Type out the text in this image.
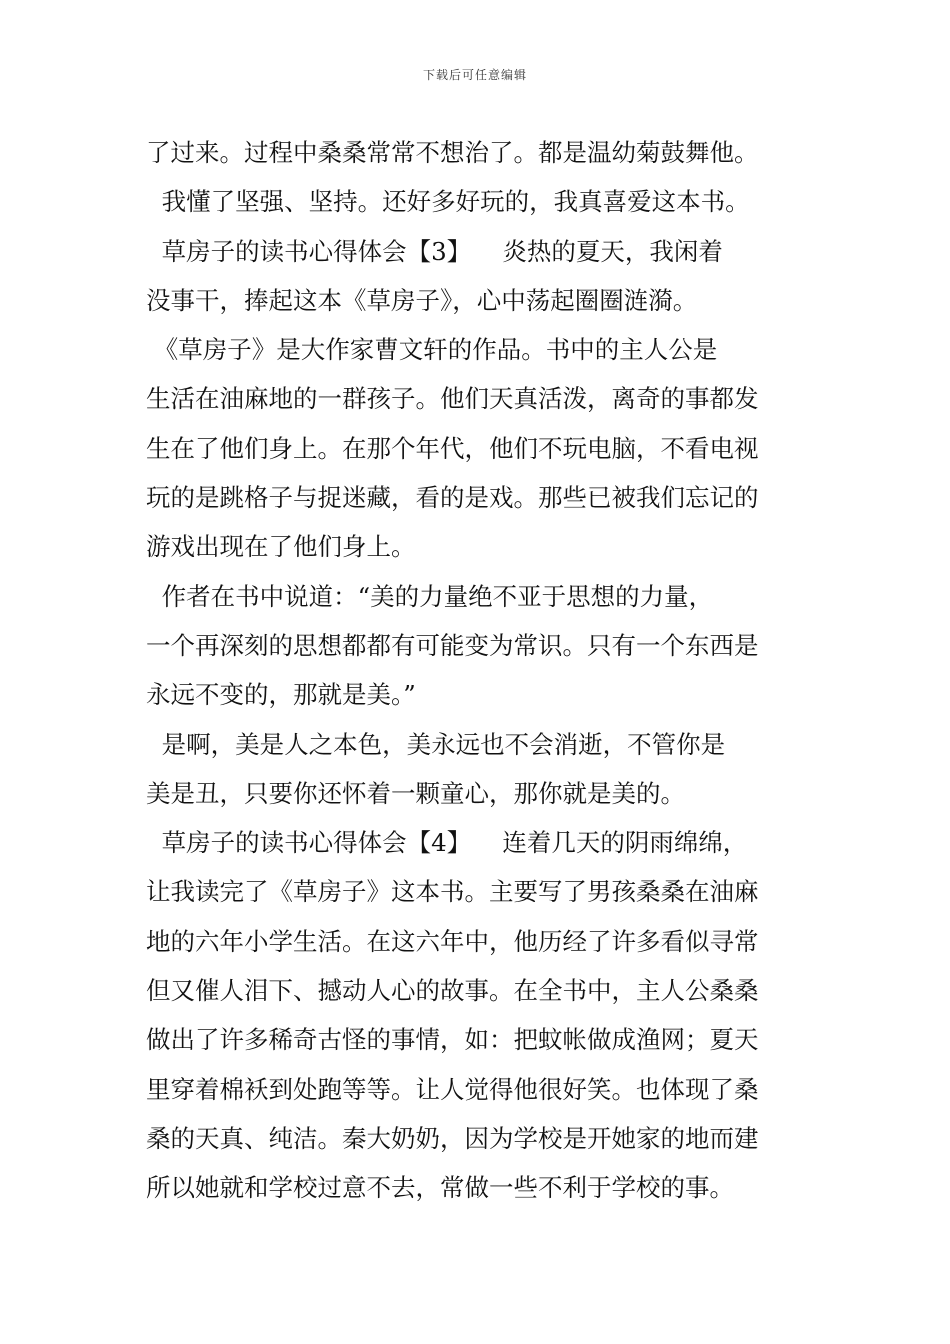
下载后可任意编辑
了过来。过程中桑桑常常不想治了。都是温幼菊鼓舞他。
我懂了坚强、坚持。还好多好玩的，我真喜爱这本书。
草房子的读书心得体会【3】    炎热的夏天，我闲着
没事干，捧起这本《草房子》，心中荡起圈圈涟漪。
《草房子》是大作家曹文轩的作品。书中的主人公是
生活在油麻地的一群孩子。他们天真活泼，离奇的事都发
生在了他们身上。在那个年代，他们不玩电脑，不看电视
玩的是跳格子与捉迷藏，看的是戏。那些已被我们忘记的
游戏出现在了他们身上。
作者在书中说道：“美的力量绝不亚于思想的力量，
一个再深刻的思想都都有可能变为常识。只有一个东西是
永远不变的，那就是美。”
是啊，美是人之本色，美永远也不会消逝，不管你是
美是丑，只要你还怀着一颗童心，那你就是美的。
草房子的读书心得体会【4】    连着几天的阴雨绵绵，
让我读完了《草房子》这本书。主要写了男孩桑桑在油麻
地的六年小学生活。在这六年中，他历经了许多看似寻常
但又催人泪下、撼动人心的故事。在全书中，主人公桑桑
做出了许多稀奇古怪的事情，如：把蚊帐做成渔网；夏天
里穿着棉袄到处跑等等。让人觉得他很好笑。也体现了桑
桑的天真、纯洁。秦大奶奶，因为学校是开她家的地而建
所以她就和学校过意不去，常做一些不利于学校的事。
